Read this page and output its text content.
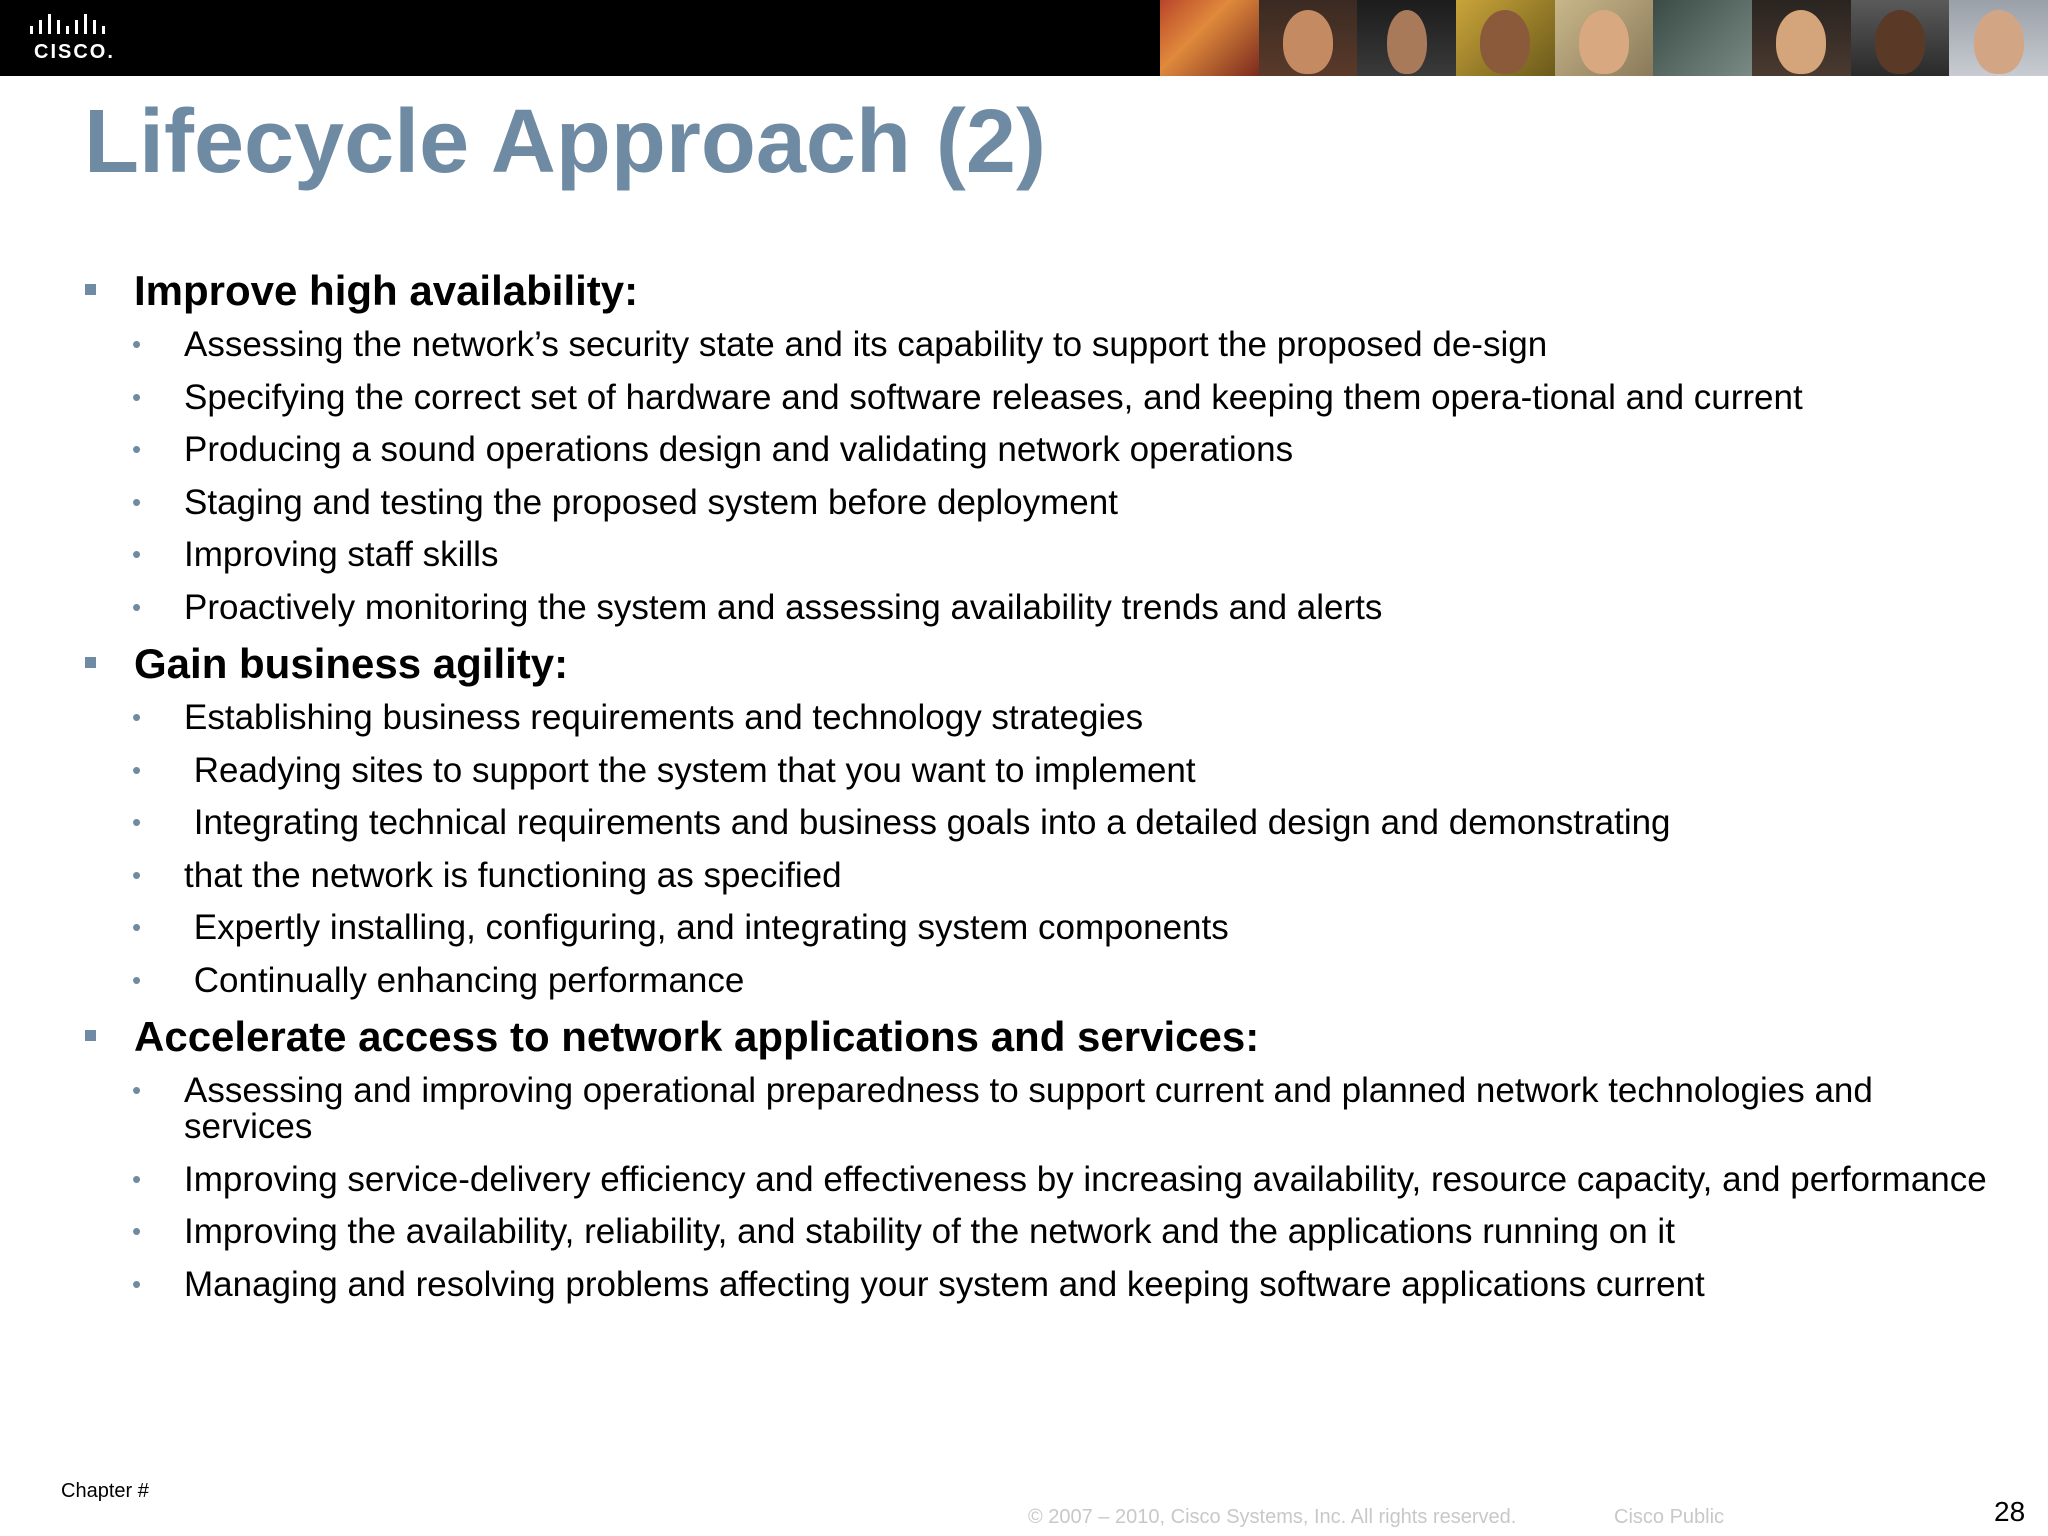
CISCO.
Lifecycle Approach (2)
Improve high availability:
• Assessing the network’s security state and its capability to support the proposed de-sign
• Specifying the correct set of hardware and software releases, and keeping them opera-tional and current
• Producing a sound operations design and validating network operations
• Staging and testing the proposed system before deployment
• Improving staff skills
• Proactively monitoring the system and assessing availability trends and alerts
Gain business agility:
• Establishing business requirements and technology strategies
• Readying sites to support the system that you want to implement
• Integrating technical requirements and business goals into a detailed design and demonstrating
• that the network is functioning as specified
• Expertly installing, configuring, and integrating system components
• Continually enhancing performance
Accelerate access to network applications and services:
• Assessing and improving operational preparedness to support current and planned network technologies and services
• Improving service-delivery efficiency and effectiveness by increasing availability, resource capacity, and performance
• Improving the availability, reliability, and stability of the network and the applications running on it
• Managing and resolving problems affecting your system and keeping software applications current
Chapter #
© 2007 – 2010, Cisco Systems, Inc. All rights reserved.	Cisco Public	28
